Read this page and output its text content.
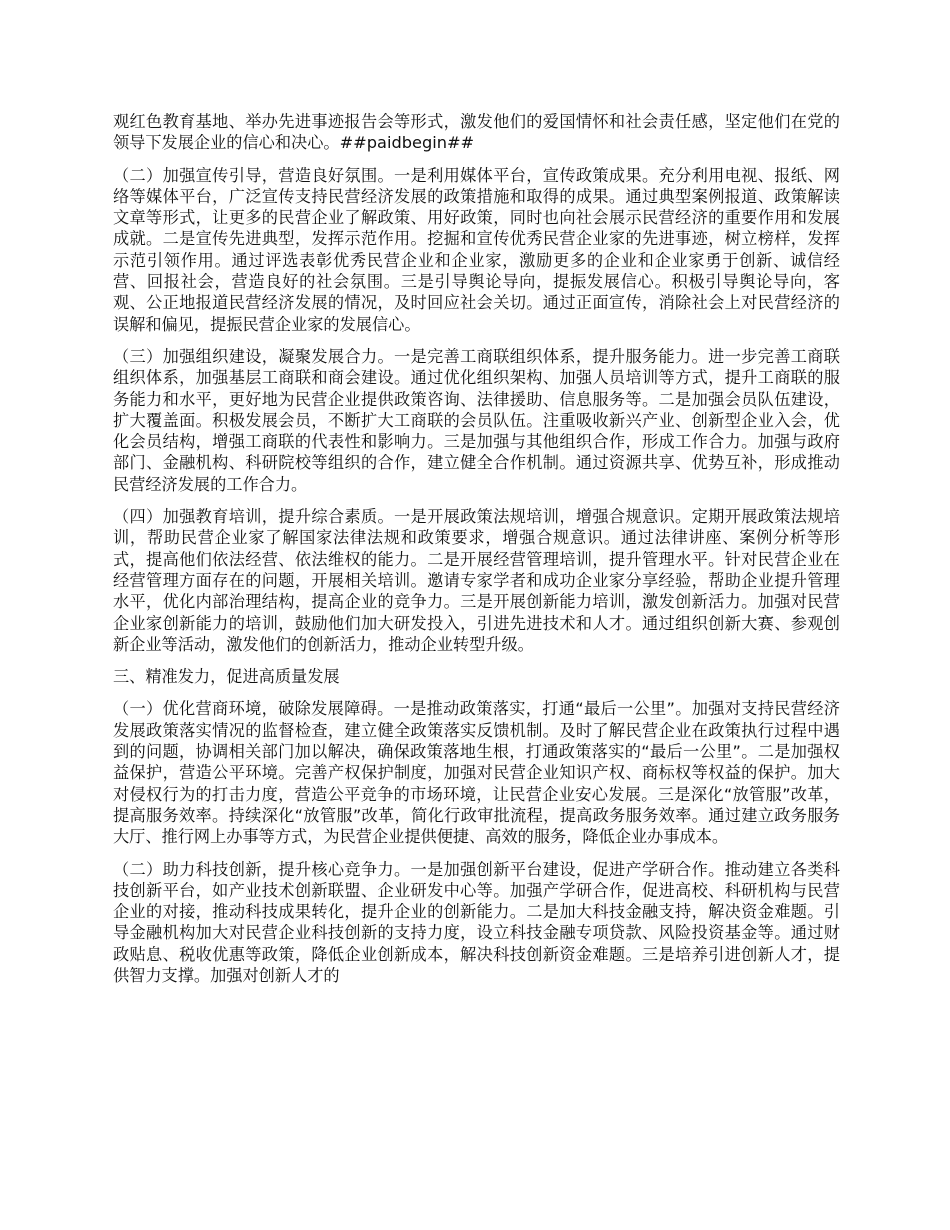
观红色教育基地、举办先进事迹报告会等形式，激发他们的爱国情怀和社会责任感，坚定他们在党的领导下发展企业的信心和决心。##paidbegin##

（二）加强宣传引导，营造良好氛围。一是利用媒体平台，宣传政策成果。充分利用电视、报纸、网络等媒体平台，广泛宣传支持民营经济发展的政策措施和取得的成果。通过典型案例报道、政策解读文章等形式，让更多的民营企业了解政策、用好政策，同时也向社会展示民营经济的重要作用和发展成就。二是宣传先进典型，发挥示范作用。挖掘和宣传优秀民营企业家的先进事迹，树立榜样，发挥示范引领作用。通过评选表彰优秀民营企业和企业家，激励更多的企业和企业家勇于创新、诚信经营、回报社会，营造良好的社会氛围。三是引导舆论导向，提振发展信心。积极引导舆论导向，客观、公正地报道民营经济发展的情况，及时回应社会关切。通过正面宣传，消除社会上对民营经济的误解和偏见，提振民营企业家的发展信心。

（三）加强组织建设，凝聚发展合力。一是完善工商联组织体系，提升服务能力。进一步完善工商联组织体系，加强基层工商联和商会建设。通过优化组织架构、加强人员培训等方式，提升工商联的服务能力和水平，更好地为民营企业提供政策咨询、法律援助、信息服务等。二是加强会员队伍建设，扩大覆盖面。积极发展会员，不断扩大工商联的会员队伍。注重吸收新兴产业、创新型企业入会，优化会员结构，增强工商联的代表性和影响力。三是加强与其他组织合作，形成工作合力。加强与政府部门、金融机构、科研院校等组织的合作，建立健全合作机制。通过资源共享、优势互补，形成推动民营经济发展的工作合力。

（四）加强教育培训，提升综合素质。一是开展政策法规培训，增强合规意识。定期开展政策法规培训，帮助民营企业家了解国家法律法规和政策要求，增强合规意识。通过法律讲座、案例分析等形式，提高他们依法经营、依法维权的能力。二是开展经营管理培训，提升管理水平。针对民营企业在经营管理方面存在的问题，开展相关培训。邀请专家学者和成功企业家分享经验，帮助企业提升管理水平，优化内部治理结构，提高企业的竞争力。三是开展创新能力培训，激发创新活力。加强对民营企业家创新能力的培训，鼓励他们加大研发投入，引进先进技术和人才。通过组织创新大赛、参观创新企业等活动，激发他们的创新活力，推动企业转型升级。

三、精准发力，促进高质量发展

（一）优化营商环境，破除发展障碍。一是推动政策落实，打通“最后一公里”。加强对支持民营经济发展政策落实情况的监督检查，建立健全政策落实反馈机制。及时了解民营企业在政策执行过程中遇到的问题，协调相关部门加以解决，确保政策落地生根，打通政策落实的“最后一公里”。二是加强权益保护，营造公平环境。完善产权保护制度，加强对民营企业知识产权、商标权等权益的保护。加大对侵权行为的打击力度，营造公平竞争的市场环境，让民营企业安心发展。三是深化“放管服”改革，提高服务效率。持续深化“放管服”改革，简化行政审批流程，提高政务服务效率。通过建立政务服务大厅、推行网上办事等方式，为民营企业提供便捷、高效的服务，降低企业办事成本。

（二）助力科技创新，提升核心竞争力。一是加强创新平台建设，促进产学研合作。推动建立各类科技创新平台，如产业技术创新联盟、企业研发中心等。加强产学研合作，促进高校、科研机构与民营企业的对接，推动科技成果转化，提升企业的创新能力。二是加大科技金融支持，解决资金难题。引导金融机构加大对民营企业科技创新的支持力度，设立科技金融专项贷款、风险投资基金等。通过财政贴息、税收优惠等政策，降低企业创新成本，解决科技创新资金难题。三是培养引进创新人才，提供智力支撑。加强对创新人才的
